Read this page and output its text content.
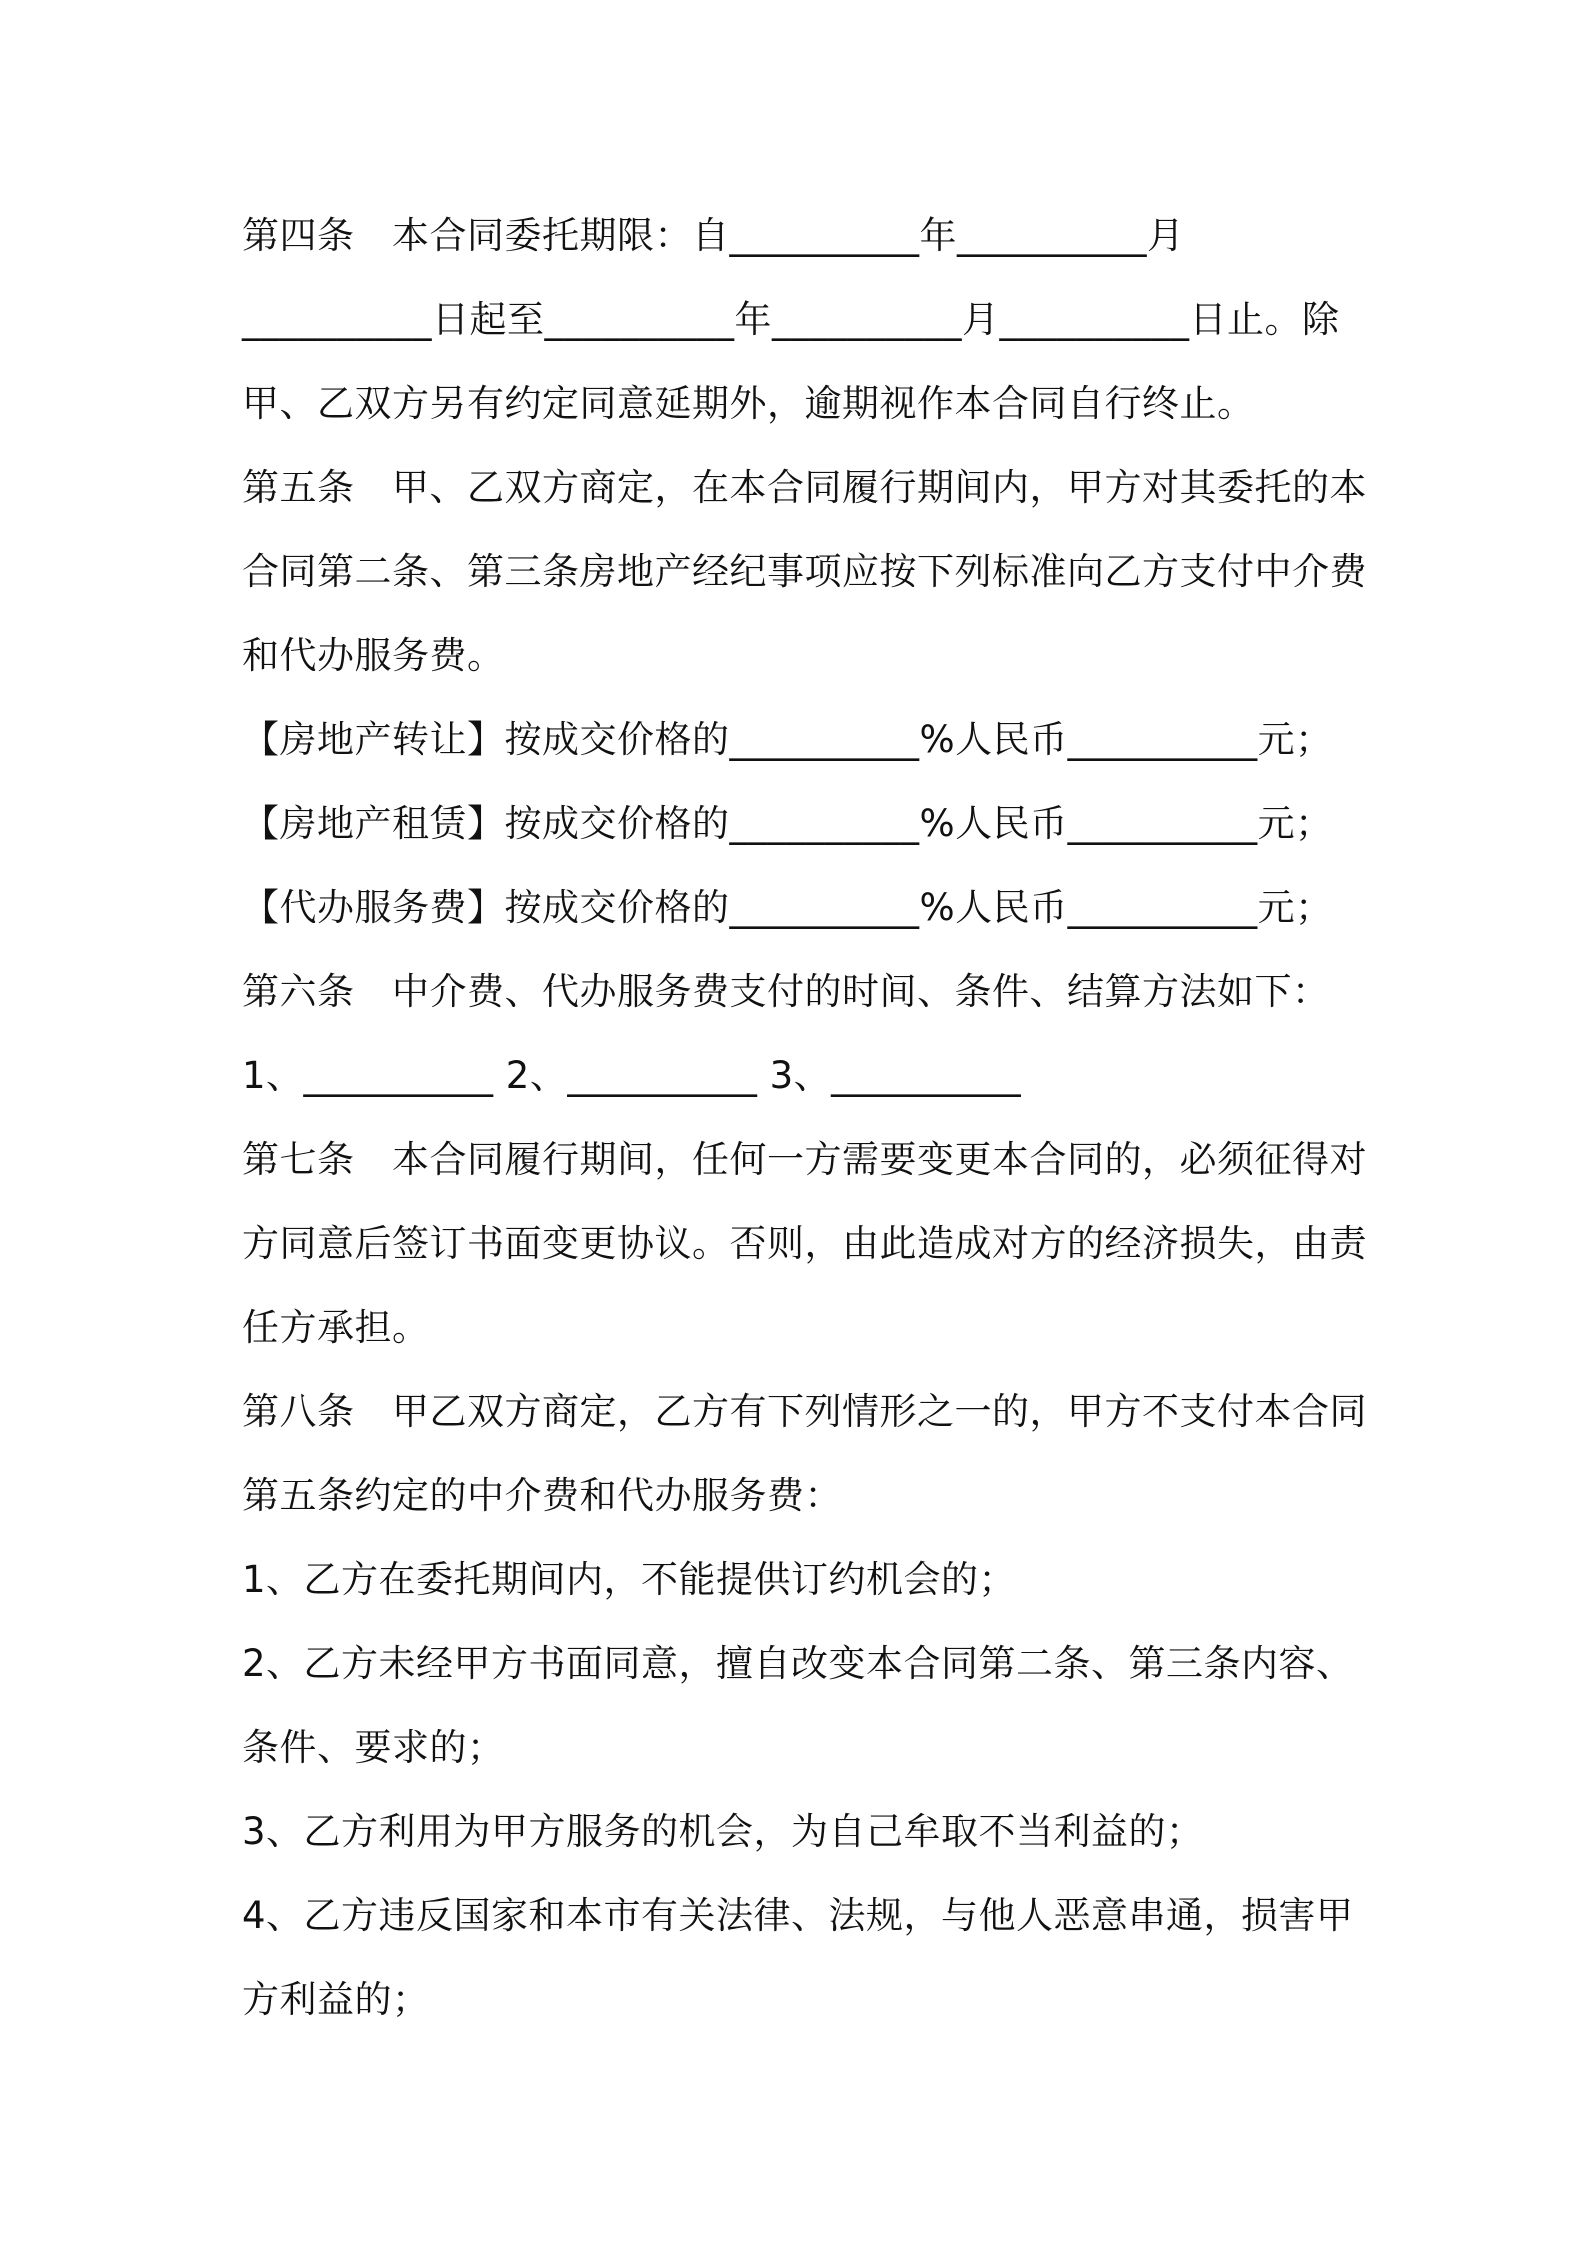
第四条　本合同委托期限：自__________年__________月
__________日起至__________年__________月__________日止。除
甲、乙双方另有约定同意延期外，逾期视作本合同自行终止。
第五条　甲、乙双方商定，在本合同履行期间内，甲方对其委托的本
合同第二条、第三条房地产经纪事项应按下列标准向乙方支付中介费
和代办服务费。
【房地产转让】按成交价格的__________%人民币__________元；
【房地产租赁】按成交价格的__________%人民币__________元；
【代办服务费】按成交价格的__________%人民币__________元；
第六条　中介费、代办服务费支付的时间、条件、结算方法如下：
1、__________ 2、__________ 3、__________
第七条　本合同履行期间，任何一方需要变更本合同的，必须征得对
方同意后签订书面变更协议。否则，由此造成对方的经济损失，由责
任方承担。
第八条　甲乙双方商定，乙方有下列情形之一的，甲方不支付本合同
第五条约定的中介费和代办服务费：
1、乙方在委托期间内，不能提供订约机会的；
2、乙方未经甲方书面同意，擅自改变本合同第二条、第三条内容、
条件、要求的；
3、乙方利用为甲方服务的机会，为自己牟取不当利益的；
4、乙方违反国家和本市有关法律、法规，与他人恶意串通，损害甲
方利益的；
